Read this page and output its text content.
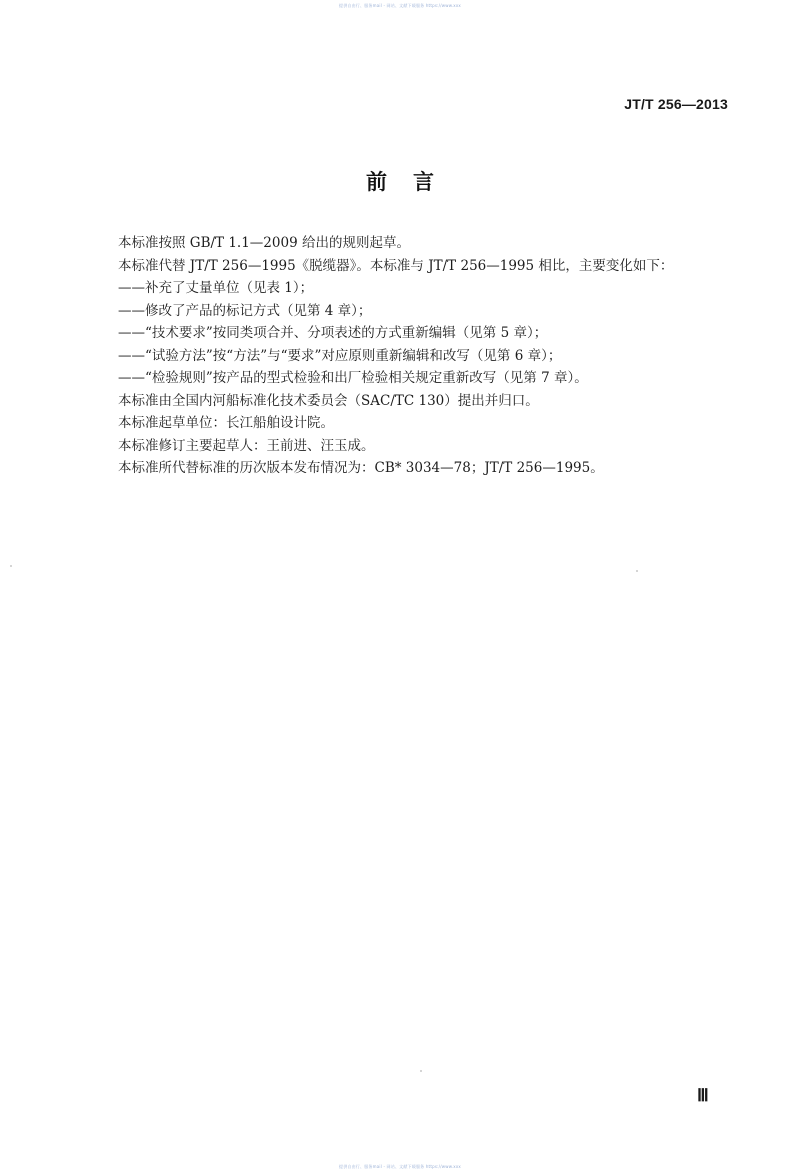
提供自由行、服务mail - 网站、文献下载服务 https://www.xxx
JT/T 256—2013
前言
本标准按照 GB/T 1.1—2009 给出的规则起草。
本标准代替 JT/T 256—1995《脱缆器》。本标准与 JT/T 256—1995 相比，主要变化如下：
——补充了丈量单位（见表 1）；
——修改了产品的标记方式（见第 4 章）；
——“技术要求”按同类项合并、分项表述的方式重新编辑（见第 5 章）；
——“试验方法”按“方法”与“要求”对应原则重新编辑和改写（见第 6 章）；
——“检验规则”按产品的型式检验和出厂检验相关规定重新改写（见第 7 章）。
本标准由全国内河船标准化技术委员会（SAC/TC 130）提出并归口。
本标准起草单位：长江船舶设计院。
本标准修订主要起草人：王前进、汪玉成。
本标准所代替标准的历次版本发布情况为：CB* 3034—78；JT/T 256—1995。
Ⅲ
提供自由行、服务mail - 网站、文献下载服务 https://www.xxx
